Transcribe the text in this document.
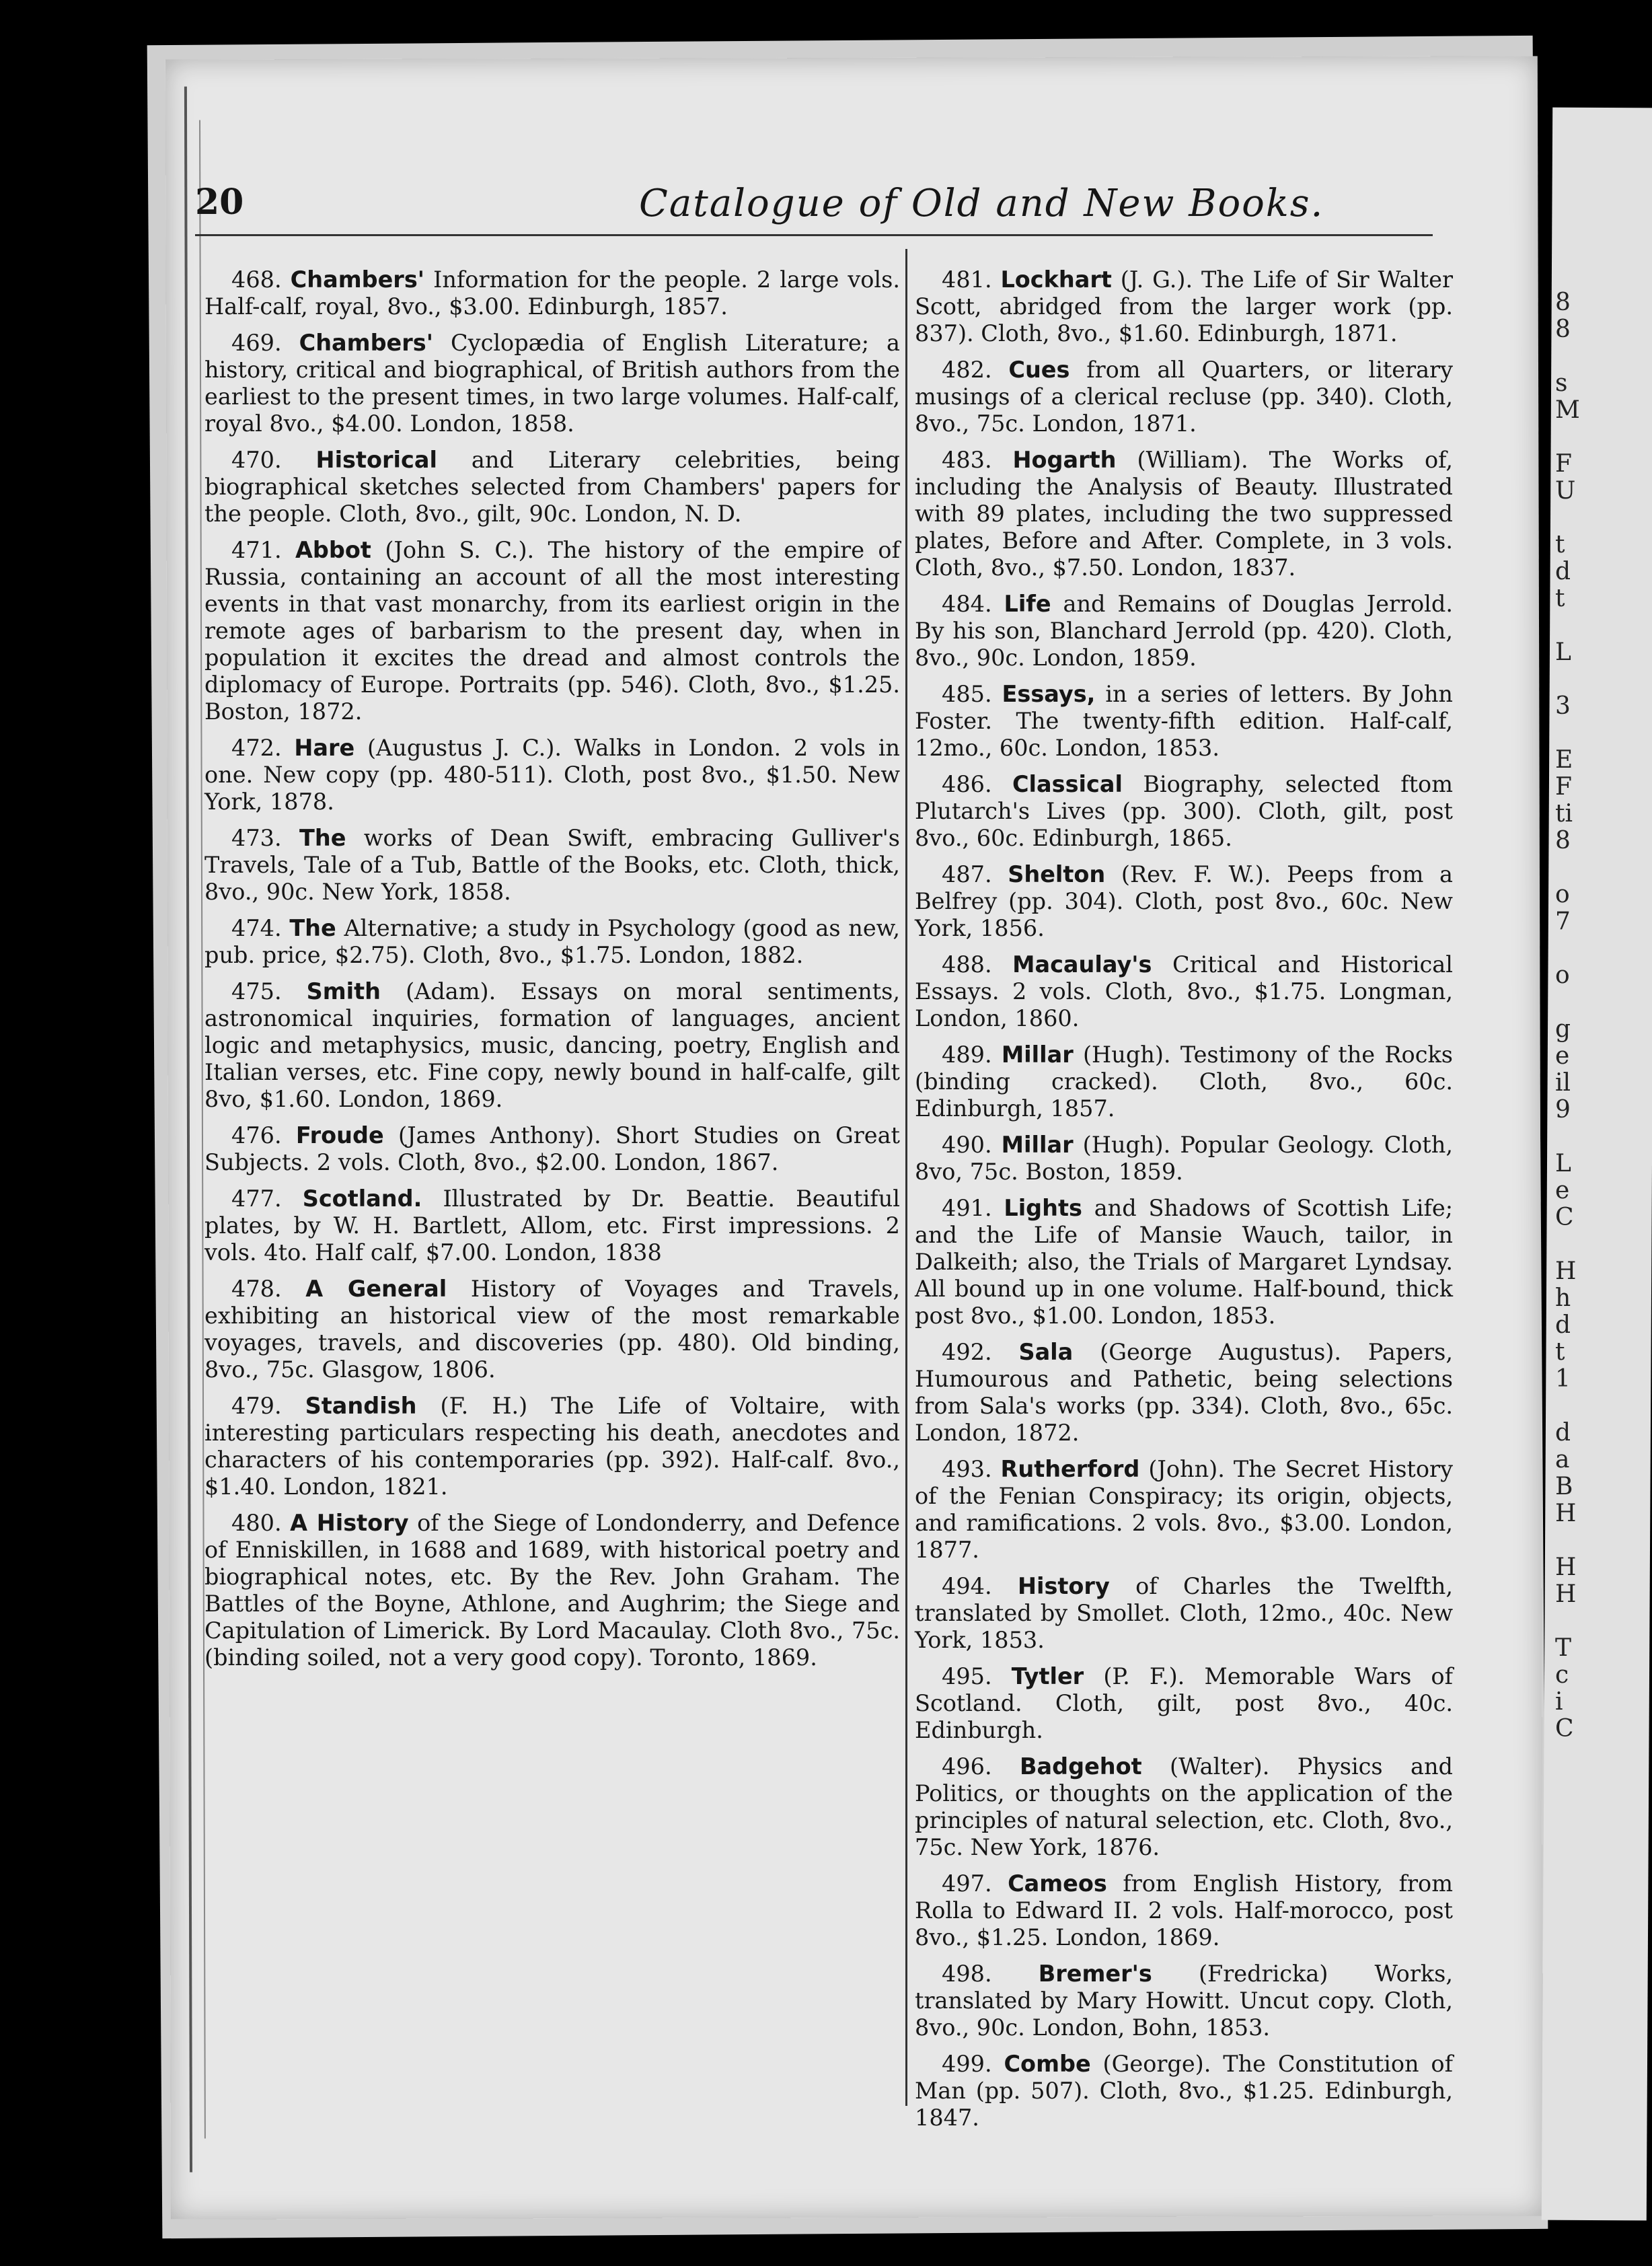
8
8

s
M

F
U

t
d
t

L

3

E
F
ti
8

o
7

o

g
e
il
9

L
e
C

H
h
d
t
1

d
a
B
H

H
H

T
c
i
C
20	Catalogue of Old and New Books.

468. Chambers' Information for the people. 2 large vols. Half-calf, royal, 8vo., $3.00. Edinburgh, 1857.

469. Chambers' Cyclopædia of English Literature; a history, critical and biographical, of British authors from the earliest to the present times, in two large volumes. Half-calf, royal 8vo., $4.00. London, 1858.

470. Historical and Literary celebrities, being biographical sketches selected from Chambers' papers for the people. Cloth, 8vo., gilt, 90c. London, N. D.

471. Abbot (John S. C.). The history of the empire of Russia, containing an account of all the most interesting events in that vast monarchy, from its earliest origin in the remote ages of barbarism to the present day, when in population it excites the dread and almost controls the diplomacy of Europe. Portraits (pp. 546). Cloth, 8vo., $1.25. Boston, 1872.

472. Hare (Augustus J. C.). Walks in London. 2 vols in one. New copy (pp. 480-511). Cloth, post 8vo., $1.50. New York, 1878.

473. The works of Dean Swift, embracing Gulliver's Travels, Tale of a Tub, Battle of the Books, etc. Cloth, thick, 8vo., 90c. New York, 1858.

474. The Alternative; a study in Psychology (good as new, pub. price, $2.75). Cloth, 8vo., $1.75. London, 1882.

475. Smith (Adam). Essays on moral sentiments, astronomical inquiries, formation of languages, ancient logic and metaphysics, music, dancing, poetry, English and Italian verses, etc. Fine copy, newly bound in half-calfe, gilt 8vo, $1.60. London, 1869.

476. Froude (James Anthony). Short Studies on Great Subjects. 2 vols. Cloth, 8vo., $2.00. London, 1867.

477. Scotland. Illustrated by Dr. Beattie. Beautiful plates, by W. H. Bartlett, Allom, etc. First impressions. 2 vols. 4to. Half calf, $7.00. London, 1838

478. A General History of Voyages and Travels, exhibiting an historical view of the most remarkable voyages, travels, and discoveries (pp. 480). Old binding, 8vo., 75c. Glasgow, 1806.

479. Standish (F. H.) The Life of Voltaire, with interesting particulars respecting his death, anecdotes and characters of his contemporaries (pp. 392). Half-calf. 8vo., $1.40. London, 1821.

480. A History of the Siege of Londonderry, and Defence of Enniskillen, in 1688 and 1689, with historical poetry and biographical notes, etc. By the Rev. John Graham. The Battles of the Boyne, Athlone, and Aughrim; the Siege and Capitulation of Limerick. By Lord Macaulay. Cloth 8vo., 75c. (binding soiled, not a very good copy). Toronto, 1869.

481. Lockhart (J. G.). The Life of Sir Walter Scott, abridged from the larger work (pp. 837). Cloth, 8vo., $1.60. Edinburgh, 1871.

482. Cues from all Quarters, or literary musings of a clerical recluse (pp. 340). Cloth, 8vo., 75c. London, 1871.

483. Hogarth (William). The Works of, including the Analysis of Beauty. Illustrated with 89 plates, including the two suppressed plates, Before and After. Complete, in 3 vols. Cloth, 8vo., $7.50. London, 1837.

484. Life and Remains of Douglas Jerrold. By his son, Blanchard Jerrold (pp. 420). Cloth, 8vo., 90c. London, 1859.

485. Essays, in a series of letters. By John Foster. The twenty-fifth edition. Half-calf, 12mo., 60c. London, 1853.

486. Classical Biography, selected ftom Plutarch's Lives (pp. 300). Cloth, gilt, post 8vo., 60c. Edinburgh, 1865.

487. Shelton (Rev. F. W.). Peeps from a Belfrey (pp. 304). Cloth, post 8vo., 60c. New York, 1856.

488. Macaulay's Critical and Historical Essays. 2 vols. Cloth, 8vo., $1.75. Longman, London, 1860.

489. Millar (Hugh). Testimony of the Rocks (binding cracked). Cloth, 8vo., 60c. Edinburgh, 1857.

490. Millar (Hugh). Popular Geology. Cloth, 8vo, 75c. Boston, 1859.

491. Lights and Shadows of Scottish Life; and the Life of Mansie Wauch, tailor, in Dalkeith; also, the Trials of Margaret Lyndsay. All bound up in one volume. Half-bound, thick post 8vo., $1.00. London, 1853.

492. Sala (George Augustus). Papers, Humourous and Pathetic, being selections from Sala's works (pp. 334). Cloth, 8vo., 65c. London, 1872.

493. Rutherford (John). The Secret History of the Fenian Conspiracy; its origin, objects, and ramifications. 2 vols. 8vo., $3.00. London, 1877.

494. History of Charles the Twelfth, translated by Smollet. Cloth, 12mo., 40c. New York, 1853.

495. Tytler (P. F.). Memorable Wars of Scotland. Cloth, gilt, post 8vo., 40c. Edinburgh.

496. Badgehot (Walter). Physics and Politics, or thoughts on the application of the principles of natural selection, etc. Cloth, 8vo., 75c. New York, 1876.

497. Cameos from English History, from Rolla to Edward II. 2 vols. Half-morocco, post 8vo., $1.25. London, 1869.

498. Bremer's (Fredricka) Works, translated by Mary Howitt. Uncut copy. Cloth, 8vo., 90c. London, Bohn, 1853.

499. Combe (George). The Constitution of Man (pp. 507). Cloth, 8vo., $1.25. Edinburgh, 1847.
